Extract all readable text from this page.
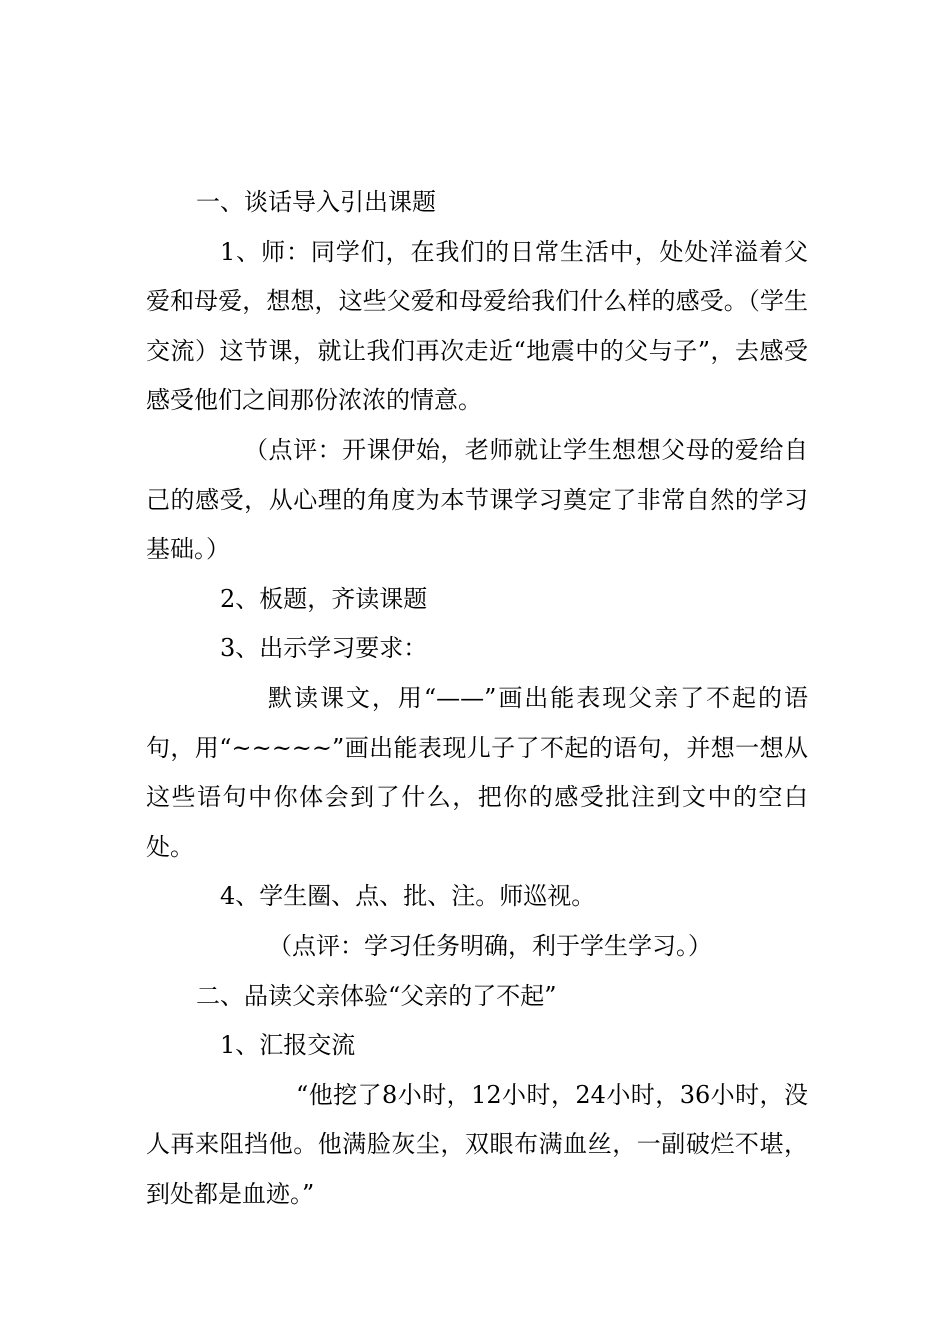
一、谈话导入引出课题

1、师：同学们，在我们的日常生活中，处处洋溢着父爱和母爱，想想，这些父爱和母爱给我们什么样的感受。（学生交流）这节课，就让我们再次走近“地震中的父与子”，去感受感受他们之间那份浓浓的情意。

（点评：开课伊始，老师就让学生想想父母的爱给自己的感受，从心理的角度为本节课学习奠定了非常自然的学习基础。）

2、板题，齐读课题

3、出示学习要求：

默读课文，用“——”画出能表现父亲了不起的语句，用“~~~~~”画出能表现儿子了不起的语句，并想一想从这些语句中你体会到了什么，把你的感受批注到文中的空白处。

4、学生圈、点、批、注。师巡视。

（点评：学习任务明确，利于学生学习。）

二、品读父亲体验“父亲的了不起”

1、汇报交流

“他挖了8小时，12小时，24小时，36小时，没人再来阻挡他。他满脸灰尘，双眼布满血丝，一副破烂不堪，到处都是血迹。”
